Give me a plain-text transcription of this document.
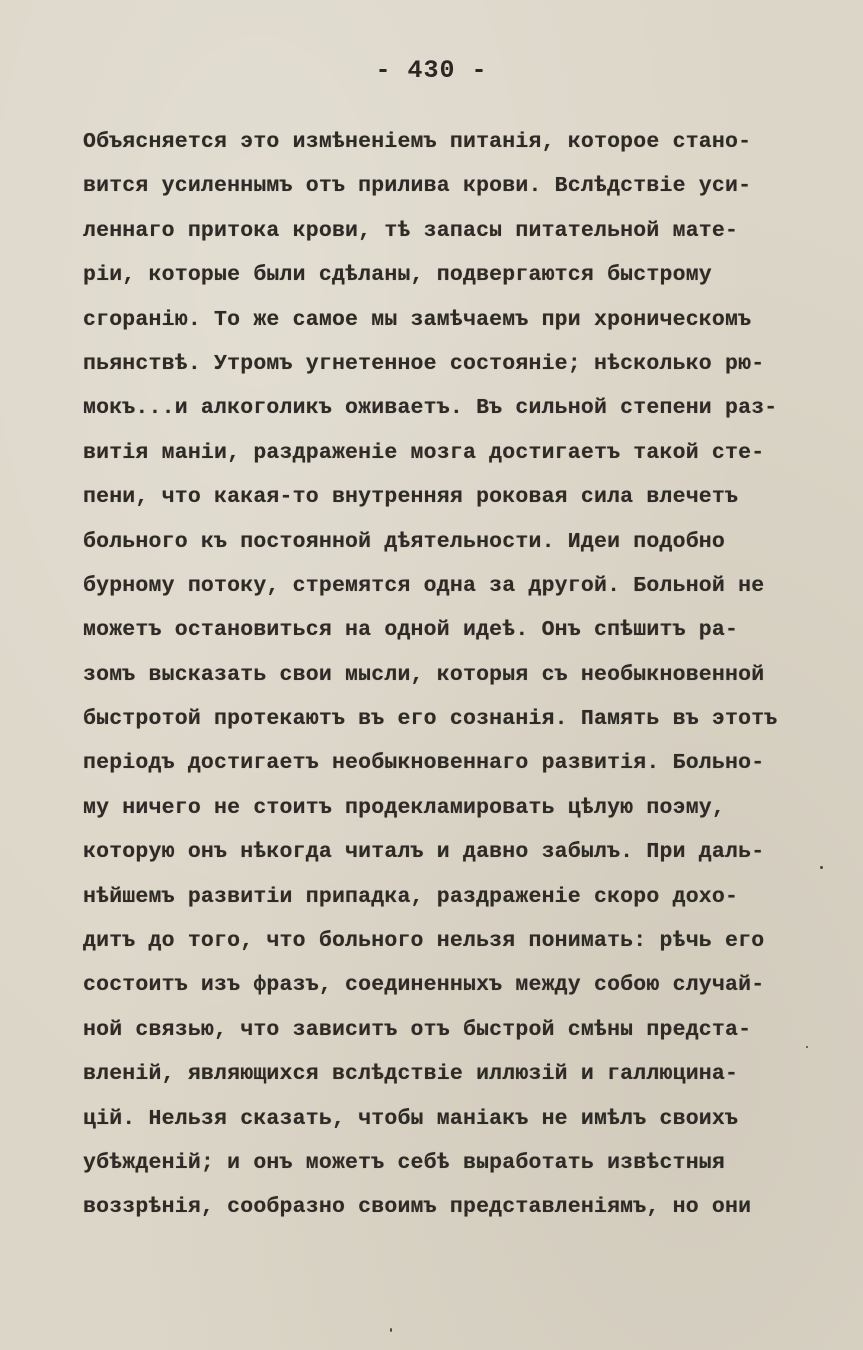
- 430 -
Объясняется это измѣненіемъ питанія, которое стано-
вится усиленнымъ отъ прилива крови. Вслѣдствіе уси-
леннаго притока крови, тѣ запасы питательной мате-
ріи, которые были сдѣланы, подвергаются быстрому
сгоранію. То же самое мы замѣчаемъ при хроническомъ
пьянствѣ. Утромъ угнетенное состояніе; нѣсколько рю-
мокъ...и алкоголикъ оживаетъ. Въ сильной степени раз-
витія маніи, раздраженіе мозга достигаетъ такой сте-
пени, что какая-то внутренняя роковая сила влечетъ
больного къ постоянной дѣятельности. Идеи подобно
бурному потоку, стремятся одна за другой. Больной не
можетъ остановиться на одной идеѣ. Онъ спѣшитъ ра-
зомъ высказать свои мысли, которыя съ необыкновенной
быстротой протекаютъ въ его сознанія. Память въ этотъ
періодъ достигаетъ необыкновеннаго развитія. Больно-
му ничего не стоитъ продекламировать цѣлую поэму,
которую онъ нѣкогда читалъ и давно забылъ. При даль-
нѣйшемъ развитіи припадка, раздраженіе скоро дохо-
дитъ до того, что больного нельзя понимать: рѣчь его
состоитъ изъ фразъ, соединенныхъ между собою случай-
ной связью, что зависитъ отъ быстрой смѣны предста-
вленій, являющихся вслѣдствіе иллюзій и галлюцина-
цій. Нельзя сказать, чтобы маніакъ не имѣлъ своихъ
убѣжденій; и онъ можетъ себѣ выработать извѣстныя
воззрѣнія, сообразно своимъ представленіямъ, но они
